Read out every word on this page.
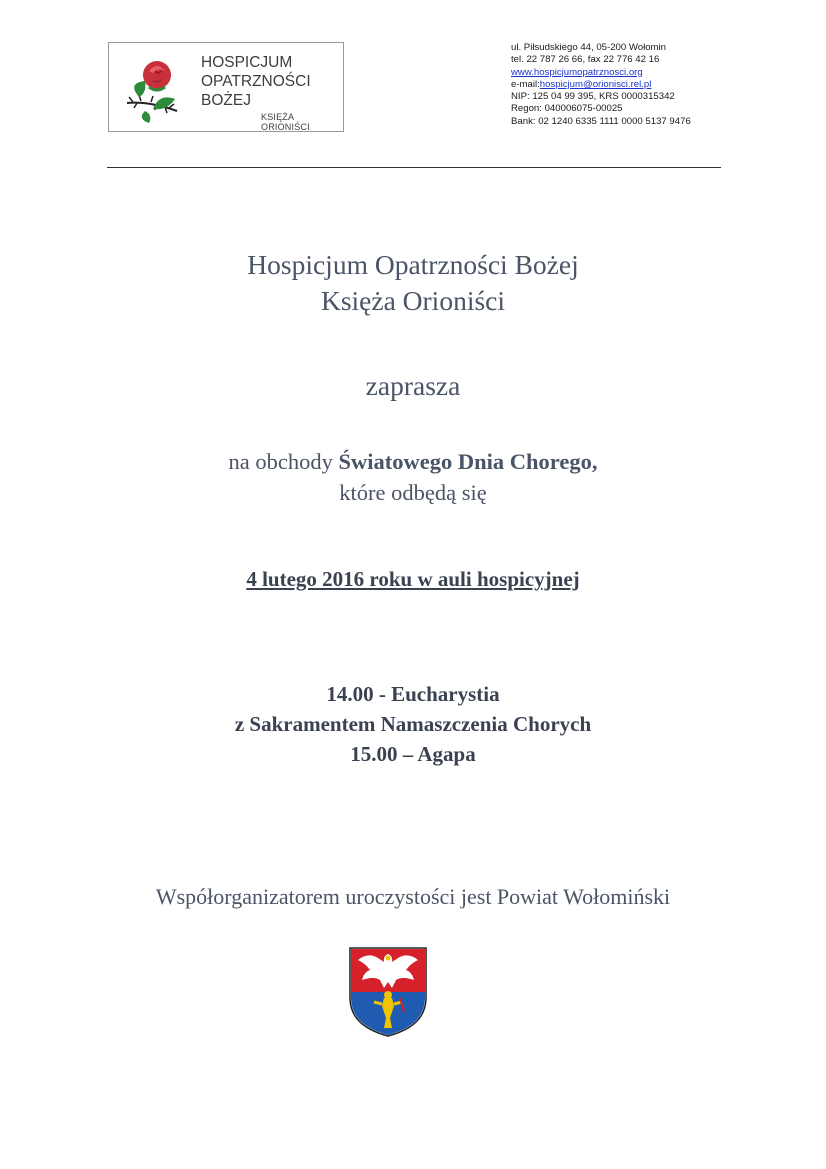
HOSPICJUM
OPATRZNOŚCI
BOŻEJ
KSIĘŻA ORIONIŚCI
ul. Piłsudskiego 44, 05-200 Wołomin
tel. 22 787 26 66, fax 22 776 42 16
www.hospicjumopatrznosci.org
e-mail:hospicjum@orionisci.rel.pl
NIP: 125 04 99 395, KRS 0000315342
Regon: 040006075-00025
Bank: 02 1240 6335 1111 0000 5137 9476
Hospicjum Opatrzności Bożej
Księża Orioniści
zaprasza
na obchody Światowego Dnia Chorego,
które odbędą się
4 lutego 2016 roku w auli hospicyjnej
14.00 - Eucharystia
z Sakramentem Namaszczenia Chorych
15.00 – Agapa
Współorganizatorem uroczystości jest Powiat Wołomiński
